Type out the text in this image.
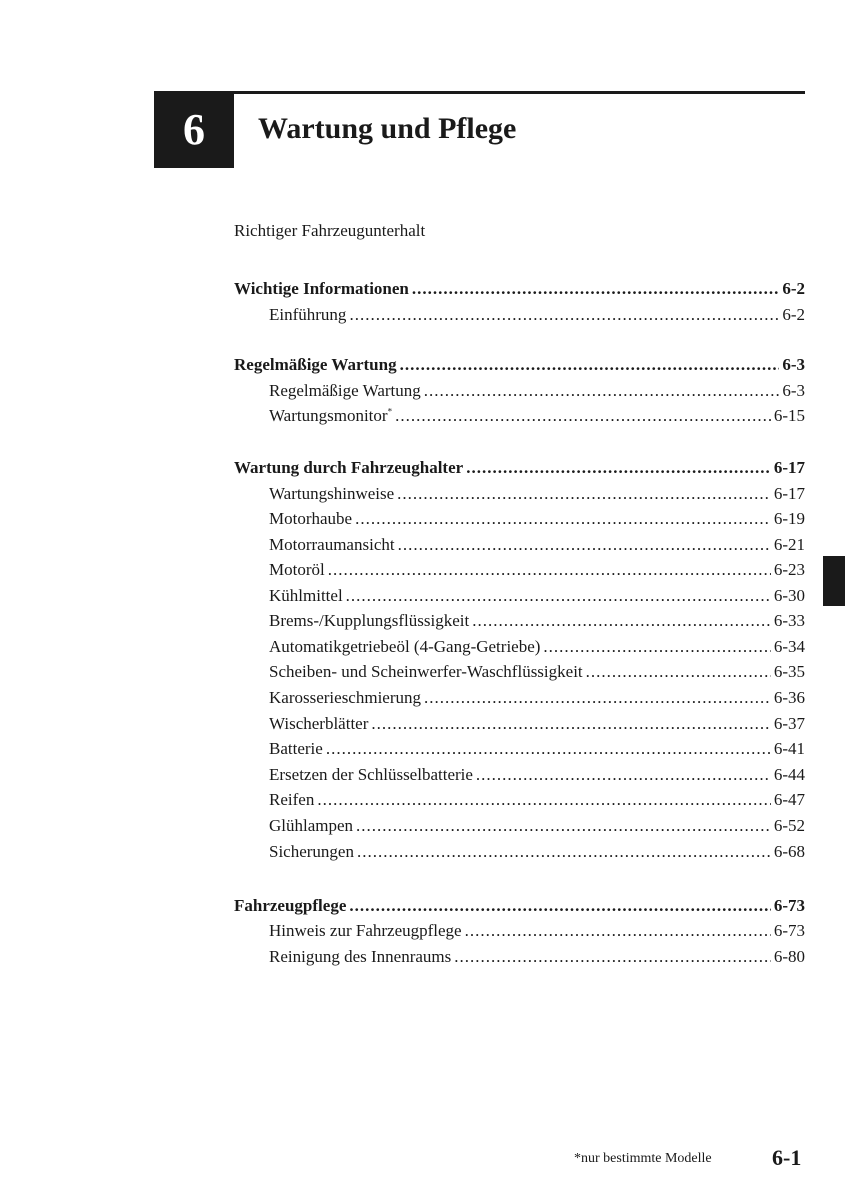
6	Wartung und Pflege
Richtiger Fahrzeugunterhalt
Wichtige Informationen .....	6-2
Einführung .....	6-2
Regelmäßige Wartung .....	6-3
Regelmäßige Wartung .....	6-3
Wartungsmonitor* .....	6-15
Wartung durch Fahrzeughalter .....	6-17
Wartungshinweise .....	6-17
Motorhaube .....	6-19
Motorraumansicht .....	6-21
Motoröl .....	6-23
Kühlmittel .....	6-30
Brems-/Kupplungsflüssigkeit .....	6-33
Automatikgetriebeöl (4-Gang-Getriebe) .....	6-34
Scheiben- und Scheinwerfer-Waschflüssigkeit .....	6-35
Karosserieschmierung .....	6-36
Wischerblätter .....	6-37
Batterie .....	6-41
Ersetzen der Schlüsselbatterie .....	6-44
Reifen .....	6-47
Glühlampen .....	6-52
Sicherungen .....	6-68
Fahrzeugpflege .....	6-73
Hinweis zur Fahrzeugpflege .....	6-73
Reinigung des Innenraums .....	6-80
*nur bestimmte Modelle	6-1
